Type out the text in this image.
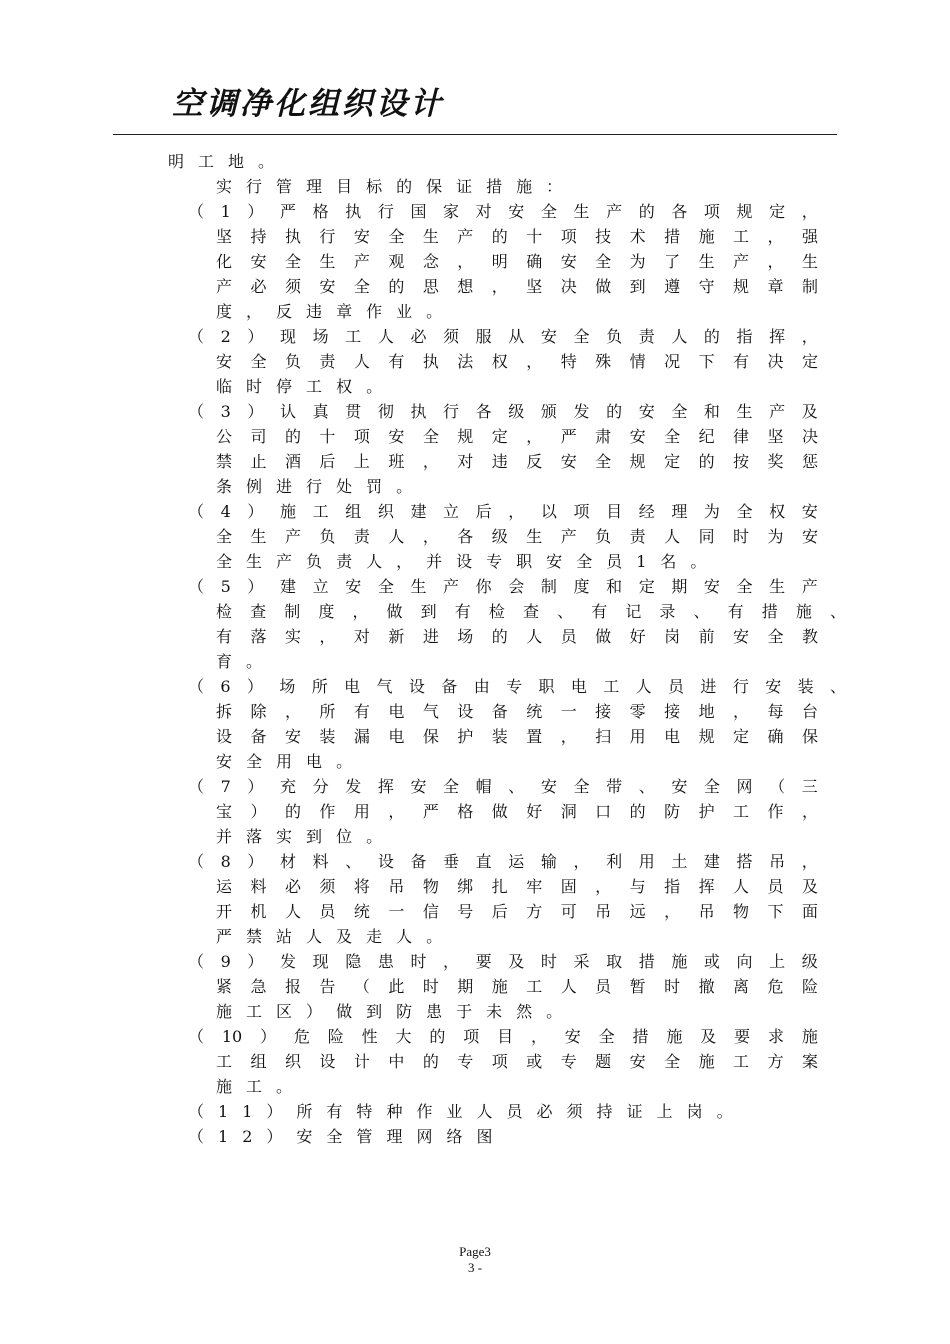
空调净化组织设计
明 工 地 。
实 行 管 理 目 标 的 保 证 措 施 ：
（ 1 ） 严 格 执 行 国 家 对 安 全 生 产 的 各 项 规 定 ，
坚 持 执 行 安 全 生 产 的 十 项 技 术 措 施 工 ， 强
化 安 全 生 产 观 念 ， 明 确 安 全 为 了 生 产 ， 生
产 必 须 安 全 的 思 想 ， 坚 决 做 到 遵 守 规 章 制
度 ， 反 违 章 作 业 。
（ 2 ） 现 场 工 人 必 须 服 从 安 全 负 责 人 的 指 挥 ，
安 全 负 责 人 有 执 法 权 ， 特 殊 情 况 下 有 决 定
临 时 停 工 权 。
（ 3 ） 认 真 贯 彻 执 行 各 级 颁 发 的 安 全 和 生 产 及
公 司 的 十 项 安 全 规 定 ， 严 肃 安 全 纪 律 坚 决
禁 止 酒 后 上 班 ， 对 违 反 安 全 规 定 的 按 奖 惩
条 例 进 行 处 罚 。
（ 4 ） 施 工 组 织 建 立 后 ， 以 项 目 经 理 为 全 权 安
全 生 产 负 责 人 ， 各 级 生 产 负 责 人 同 时 为 安
全 生 产 负 责 人 ， 并 设 专 职 安 全 员 1 名 。
（ 5 ） 建 立 安 全 生 产 你 会 制 度 和 定 期 安 全 生 产
检 查 制 度 ， 做 到 有 检 查 、 有 记 录 、 有 措 施 、
有 落 实 ， 对 新 进 场 的 人 员 做 好 岗 前 安 全 教
育 。
（ 6 ） 场 所 电 气 设 备 由 专 职 电 工 人 员 进 行 安 装 、
拆 除 ， 所 有 电 气 设 备 统 一 接 零 接 地 ， 每 台
设 备 安 装 漏 电 保 护 装 置 ， 扫 用 电 规 定 确 保
安 全 用 电 。
（ 7 ） 充 分 发 挥 安 全 帽 、 安 全 带 、 安 全 网 （ 三
宝 ） 的 作 用 ， 严 格 做 好 洞 口 的 防 护 工 作 ，
并 落 实 到 位 。
（ 8 ） 材 料 、 设 备 垂 直 运 输 ， 利 用 土 建 搭 吊 ，
运 料 必 须 将 吊 物 绑 扎 牢 固 ， 与 指 挥 人 员 及
开 机 人 员 统 一 信 号 后 方 可 吊 远 ， 吊 物 下 面
严 禁 站 人 及 走 人 。
（ 9 ） 发 现 隐 患 时 ， 要 及 时 采 取 措 施 或 向 上 级
紧 急 报 告 （ 此 时 期 施 工 人 员 暂 时 撤 离 危 险
施 工 区 ） 做 到 防 患 于 未 然 。
（ 10 ） 危 险 性 大 的 项 目 ， 安 全 措 施 及 要 求 施
工 组 织 设 计 中 的 专 项 或 专 题 安 全 施 工 方 案
施 工 。
（ 11 ） 所 有 特 种 作 业 人 员 必 须 持 证 上 岗 。
（ 12 ） 安 全 管 理 网 络 图
Page3
3 -
